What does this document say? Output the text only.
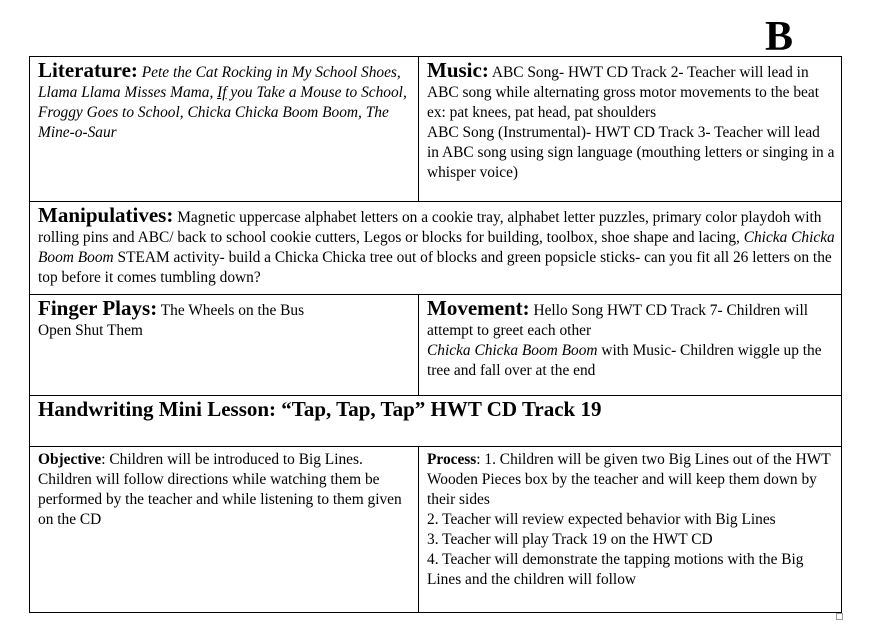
B
Literature: Pete the Cat Rocking in My School Shoes, Llama Llama Misses Mama, If you Take a Mouse to School, Froggy Goes to School, Chicka Chicka Boom Boom, The Mine-o-Saur	Music: ABC Song- HWT CD Track 2- Teacher will lead in ABC song while alternating gross motor movements to the beat ex: pat knees, pat head, pat shoulders
ABC Song (Instrumental)- HWT CD Track 3- Teacher will lead in ABC song using sign language (mouthing letters or singing in a whisper voice)

Manipulatives: Magnetic uppercase alphabet letters on a cookie tray, alphabet letter puzzles, primary color playdoh with rolling pins and ABC/ back to school cookie cutters, Legos or blocks for building, toolbox, shoe shape and lacing, Chicka Chicka Boom Boom STEAM activity- build a Chicka Chicka tree out of blocks and green popsicle sticks- can you fit all 26 letters on the top before it comes tumbling down?	
Finger Plays: The Wheels on the Bus
Open Shut Them	Movement: Hello Song HWT CD Track 7- Children will attempt to greet each other
Chicka Chicka Boom Boom with Music- Children wiggle up the tree and fall over at the end

Handwriting Mini Lesson: “Tap, Tap, Tap” HWT CD Track 19	
Objective: Children will be introduced to Big Lines. Children will follow directions while watching them be performed by the teacher and while listening to them given on the CD	Process: 1. Children will be given two Big Lines out of the HWT Wooden Pieces box by the teacher and will keep them down by their sides
2. Teacher will review expected behavior with Big Lines
3. Teacher will play Track 19 on the HWT CD
4. Teacher will demonstrate the tapping motions with the Big Lines and the children will follow
